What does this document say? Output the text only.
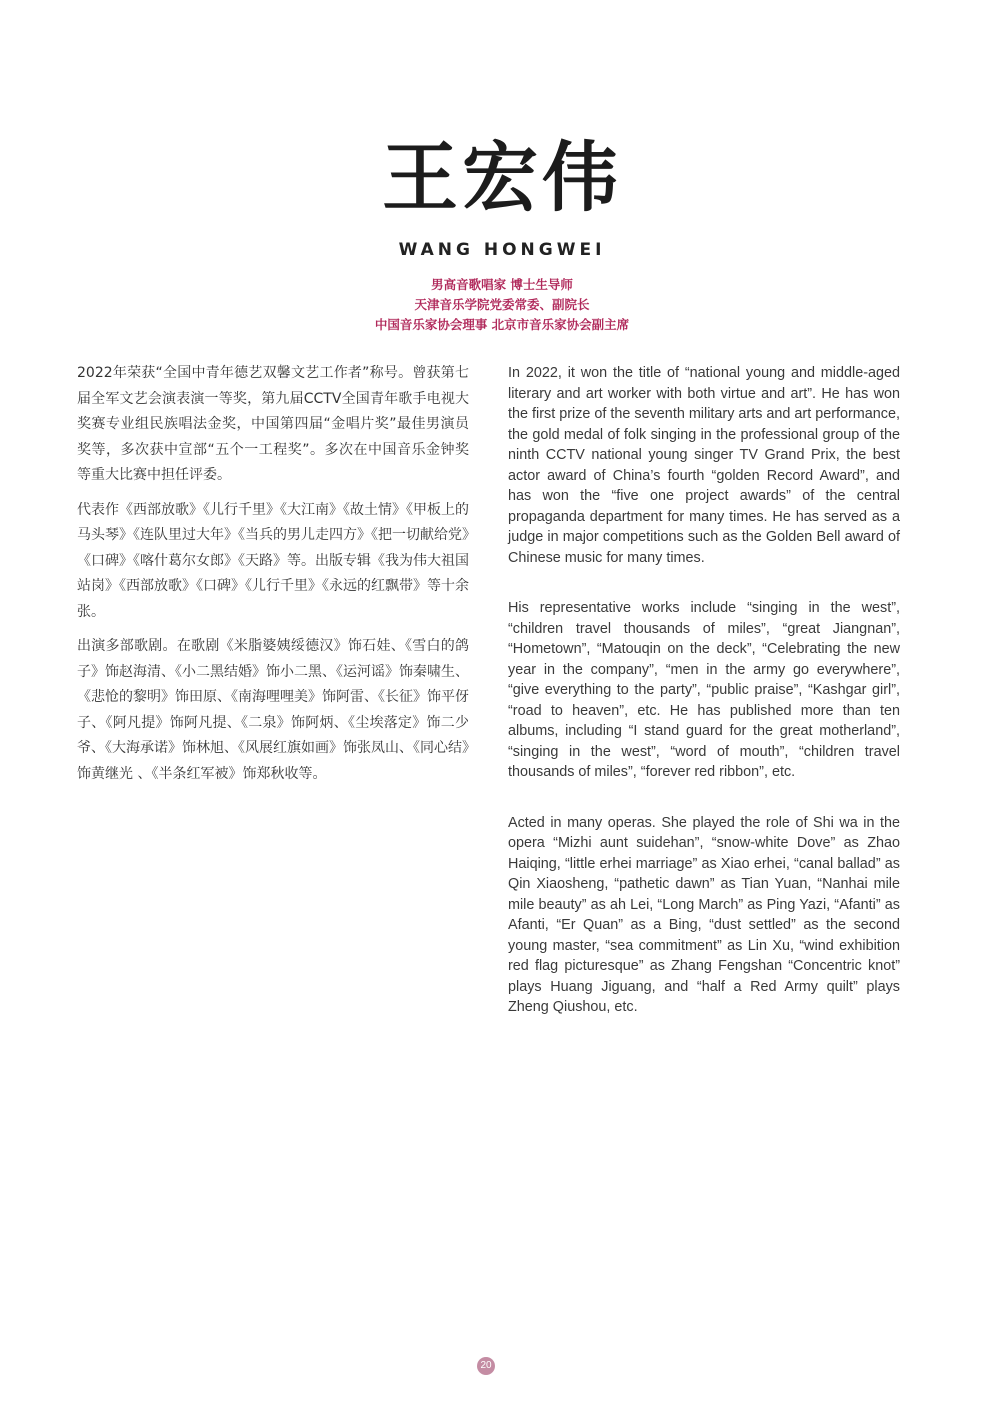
王宏伟
WANG HONGWEI
男高音歌唱家 博士生导师
天津音乐学院党委常委、副院长
中国音乐家协会理事 北京市音乐家协会副主席

2022年荣获“全国中青年德艺双馨文艺工作者”称号。曾获第七届全军文艺会演表演一等奖，第九届CCTV全国青年歌手电视大奖赛专业组民族唱法金奖，中国第四届“金唱片奖”最佳男演员奖等，多次获中宣部“五个一工程奖”。多次在中国音乐金钟奖等重大比赛中担任评委。

代表作《西部放歌》《儿行千里》《大江南》《故土情》《甲板上的马头琴》《连队里过大年》《当兵的男儿走四方》《把一切献给党》《口碑》《喀什葛尔女郎》《天路》等。出版专辑《我为伟大祖国站岗》《西部放歌》《口碑》《儿行千里》《永远的红飘带》等十余张。

出演多部歌剧。在歌剧《米脂婆姨绥德汉》饰石娃、《雪白的鸽子》饰赵海清、《小二黑结婚》饰小二黑、《运河谣》饰秦啸生、《悲怆的黎明》饰田原、《南海哩哩美》饰阿雷、《长征》饰平伢子、《阿凡提》饰阿凡提、《二泉》饰阿炳、《尘埃落定》饰二少爷、《大海承诺》饰林旭、《风展红旗如画》饰张凤山、《同心结》饰黄继光 、《半条红军被》饰郑秋收等。

In 2022, it won the title of “national young and middle-aged literary and art worker with both virtue and art”. He has won the first prize of the seventh military arts and art performance, the gold medal of folk singing in the professional group of the ninth CCTV national young singer TV Grand Prix, the best actor award of China’s fourth “golden Record Award”, and has won the “five one project awards” of the central propaganda department for many times. He has served as a judge in major competitions such as the Golden Bell award of Chinese music for many times.

His representative works include “singing in the west”, “children travel thousands of miles”, “great Jiangnan”, “Hometown”, “Matouqin on the deck”, “Celebrating the new year in the company”, “men in the army go everywhere”, “give everything to the party”, “public praise”, “Kashgar girl”, “road to heaven”, etc. He has published more than ten albums, including “I stand guard for the great motherland”, “singing in the west”, “word of mouth”, “children travel thousands of miles”, “forever red ribbon”, etc.

Acted in many operas. She played the role of Shi wa in the opera “Mizhi aunt suidehan”, “snow-white Dove” as Zhao Haiqing, “little erhei marriage” as Xiao erhei, “canal ballad” as Qin Xiaosheng, “pathetic dawn” as Tian Yuan, “Nanhai mile mile beauty” as ah Lei, “Long March” as Ping Yazi, “Afanti” as Afanti, “Er Quan” as a Bing, “dust settled” as the second young master, “sea commitment” as Lin Xu, “wind exhibition red flag picturesque” as Zhang Fengshan “Concentric knot” plays Huang Jiguang, and “half a Red Army quilt” plays Zheng Qiushou, etc.

20
